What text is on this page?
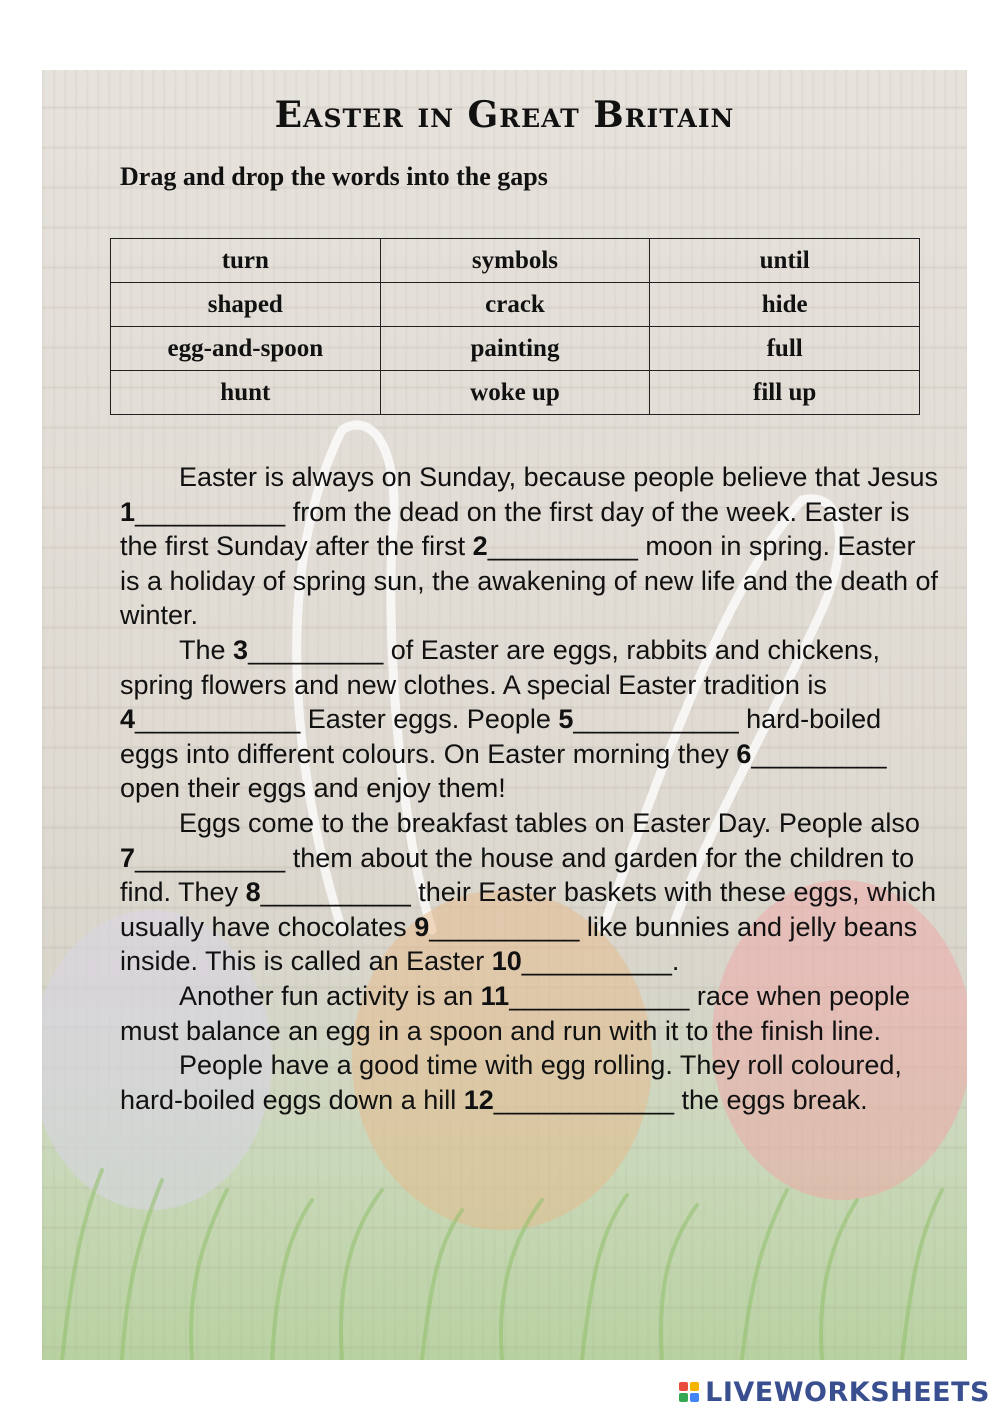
Easter in Great Britain

Drag and drop the words into the gaps

turn	symbols	until
shaped	crack	hide
egg-and-spoon	painting	full
hunt	woke up	fill up

Easter is always on Sunday, because people believe that Jesus 1__________ from the dead on the first day of the week. Easter is the first Sunday after the first 2__________ moon in spring. Easter is a holiday of spring sun, the awakening of new life and the death of winter.

The 3_________ of Easter are eggs, rabbits and chickens, spring flowers and new clothes. A special Easter tradition is 4___________ Easter eggs. People 5___________ hard-boiled eggs into different colours. On Easter morning they 6_________ open their eggs and enjoy them!

Eggs come to the breakfast tables on Easter Day. People also 7__________ them about the house and garden for the children to find. They 8__________ their Easter baskets with these eggs, which usually have chocolates 9__________ like bunnies and jelly beans inside. This is called an Easter 10__________.

Another fun activity is an 11____________ race when people must balance an egg in a spoon and run with it to the finish line.

People have a good time with egg rolling. They roll coloured, hard-boiled eggs down a hill 12____________ the eggs break.

LIVEWORKSHEETS
